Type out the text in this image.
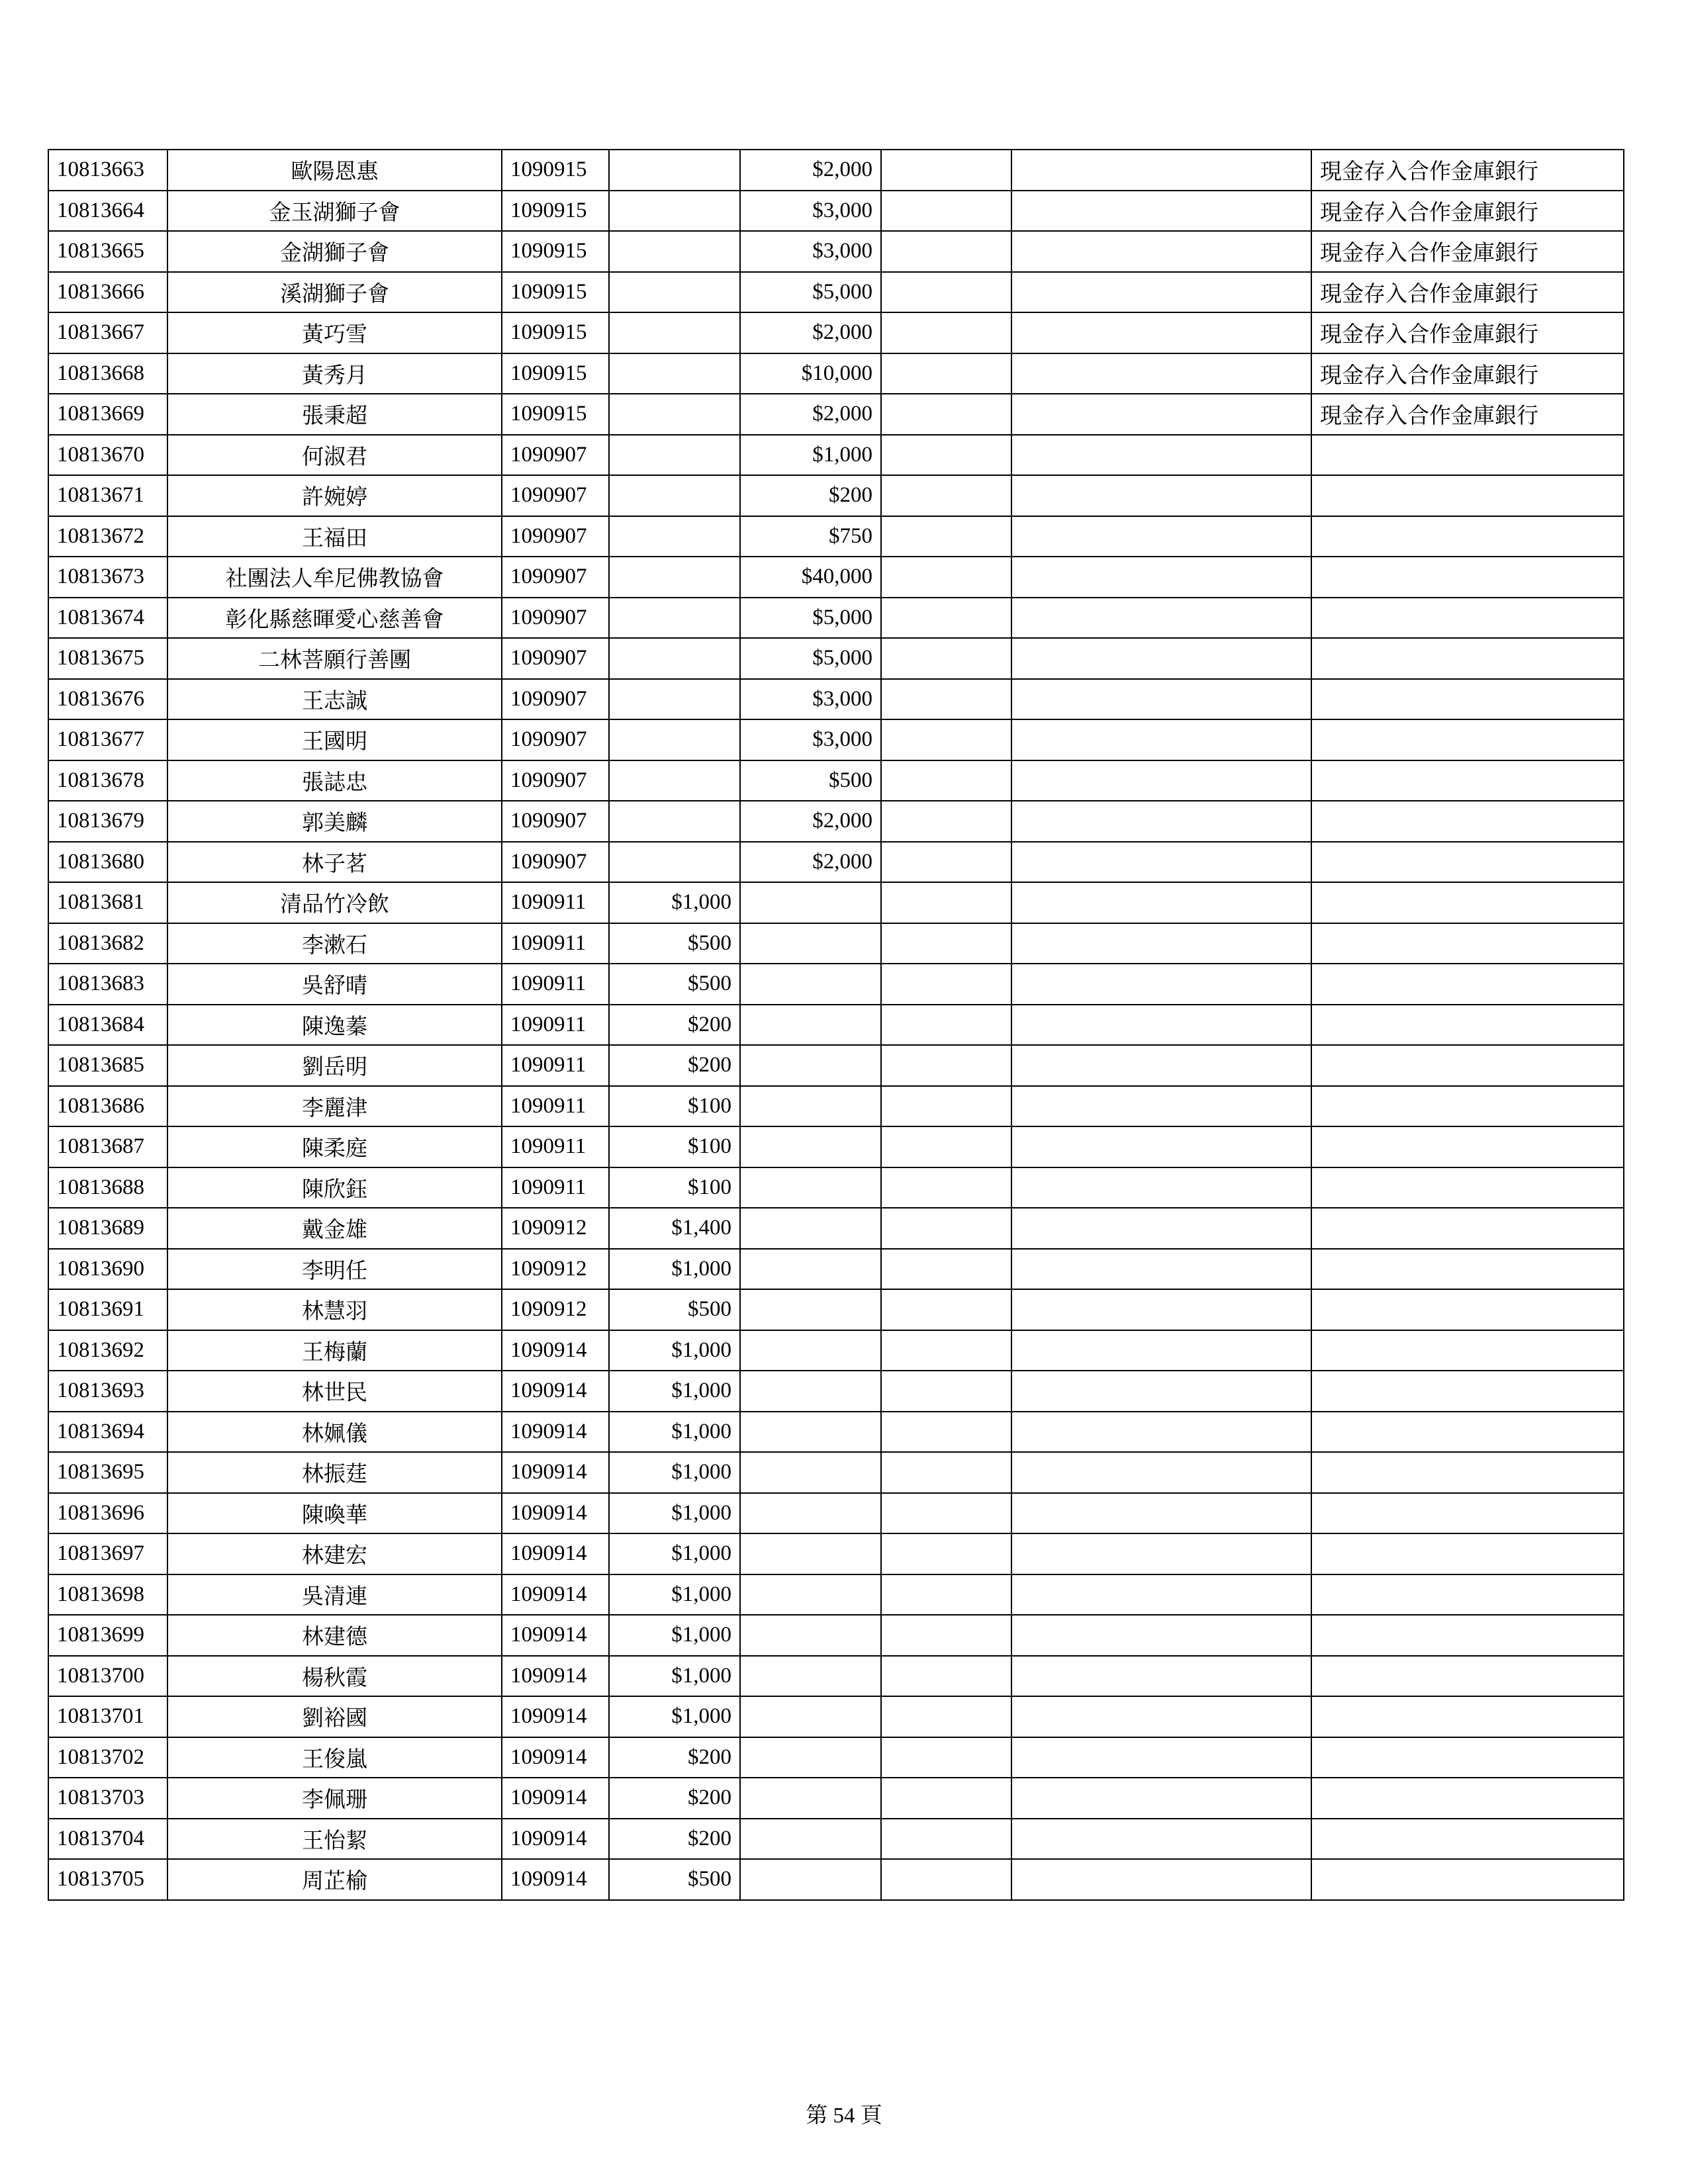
10813663	歐陽恩惠	1090915		$2,000			現金存入合作金庫銀行
10813664	金玉湖獅子會	1090915		$3,000			現金存入合作金庫銀行
10813665	金湖獅子會	1090915		$3,000			現金存入合作金庫銀行
10813666	溪湖獅子會	1090915		$5,000			現金存入合作金庫銀行
10813667	黃巧雪	1090915		$2,000			現金存入合作金庫銀行
10813668	黃秀月	1090915		$10,000			現金存入合作金庫銀行
10813669	張秉超	1090915		$2,000			現金存入合作金庫銀行
10813670	何淑君	1090907		$1,000			
10813671	許婉婷	1090907		$200			
10813672	王福田	1090907		$750			
10813673	社團法人牟尼佛教協會	1090907		$40,000			
10813674	彰化縣慈暉愛心慈善會	1090907		$5,000			
10813675	二林菩願行善團	1090907		$5,000			
10813676	王志誠	1090907		$3,000			
10813677	王國明	1090907		$3,000			
10813678	張誌忠	1090907		$500			
10813679	郭美麟	1090907		$2,000			
10813680	林子茗	1090907		$2,000			
10813681	清品竹冷飲	1090911	$1,000				
10813682	李漱石	1090911	$500				
10813683	吳舒晴	1090911	$500				
10813684	陳逸蓁	1090911	$200				
10813685	劉岳明	1090911	$200				
10813686	李麗津	1090911	$100				
10813687	陳柔庭	1090911	$100				
10813688	陳欣鈺	1090911	$100				
10813689	戴金雄	1090912	$1,400				
10813690	李明任	1090912	$1,000				
10813691	林慧羽	1090912	$500				
10813692	王梅蘭	1090914	$1,000				
10813693	林世民	1090914	$1,000				
10813694	林姵儀	1090914	$1,000				
10813695	林振莛	1090914	$1,000				
10813696	陳喚華	1090914	$1,000				
10813697	林建宏	1090914	$1,000				
10813698	吳清連	1090914	$1,000				
10813699	林建德	1090914	$1,000				
10813700	楊秋霞	1090914	$1,000				
10813701	劉裕國	1090914	$1,000				
10813702	王俊嵐	1090914	$200				
10813703	李佩珊	1090914	$200				
10813704	王怡絜	1090914	$200				
10813705	周芷榆	1090914	$500				
第 54 頁
